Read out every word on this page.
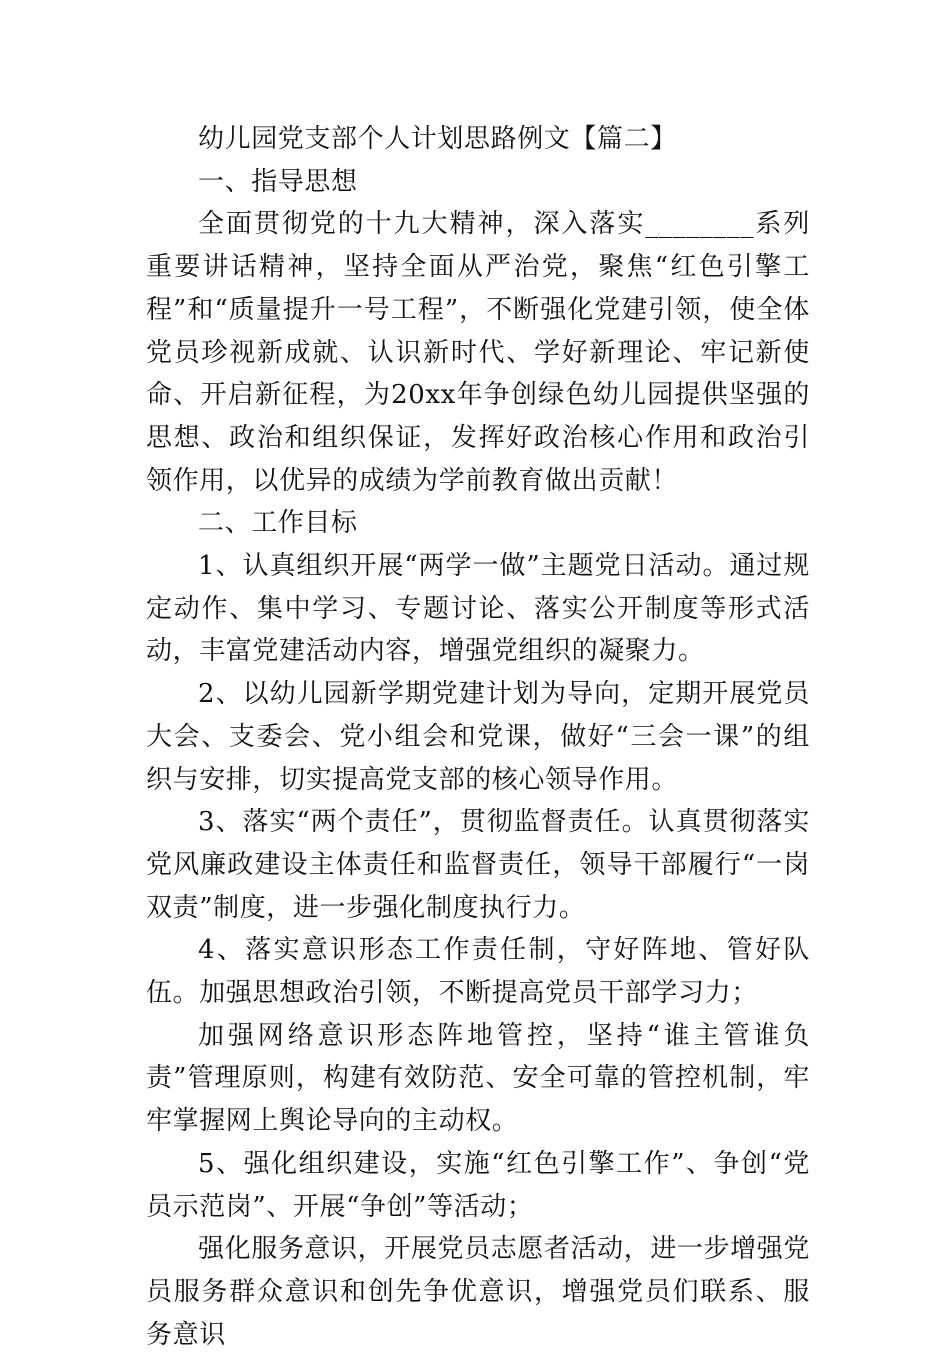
幼儿园党支部个人计划思路例文【篇二】

一、指导思想

全面贯彻党的十九大精神，深入落实________系列重要讲话精神，坚持全面从严治党，聚焦“红色引擎工程”和“质量提升一号工程”，不断强化党建引领，使全体党员珍视新成就、认识新时代、学好新理论、牢记新使命、开启新征程，为20xx年争创绿色幼儿园提供坚强的思想、政治和组织保证，发挥好政治核心作用和政治引领作用，以优异的成绩为学前教育做出贡献！

二、工作目标

1、认真组织开展“两学一做”主题党日活动。通过规定动作、集中学习、专题讨论、落实公开制度等形式活动，丰富党建活动内容，增强党组织的凝聚力。

2、以幼儿园新学期党建计划为导向，定期开展党员大会、支委会、党小组会和党课，做好“三会一课”的组织与安排，切实提高党支部的核心领导作用。

3、落实“两个责任”，贯彻监督责任。认真贯彻落实党风廉政建设主体责任和监督责任，领导干部履行“一岗双责”制度，进一步强化制度执行力。

4、落实意识形态工作责任制，守好阵地、管好队伍。加强思想政治引领，不断提高党员干部学习力；

加强网络意识形态阵地管控，坚持“谁主管谁负责”管理原则，构建有效防范、安全可靠的管控机制，牢牢掌握网上舆论导向的主动权。

5、强化组织建设，实施“红色引擎工作”、争创“党员示范岗”、开展“争创”等活动；

强化服务意识，开展党员志愿者活动，进一步增强党员服务群众意识和创先争优意识，增强党员们联系、服务意识
